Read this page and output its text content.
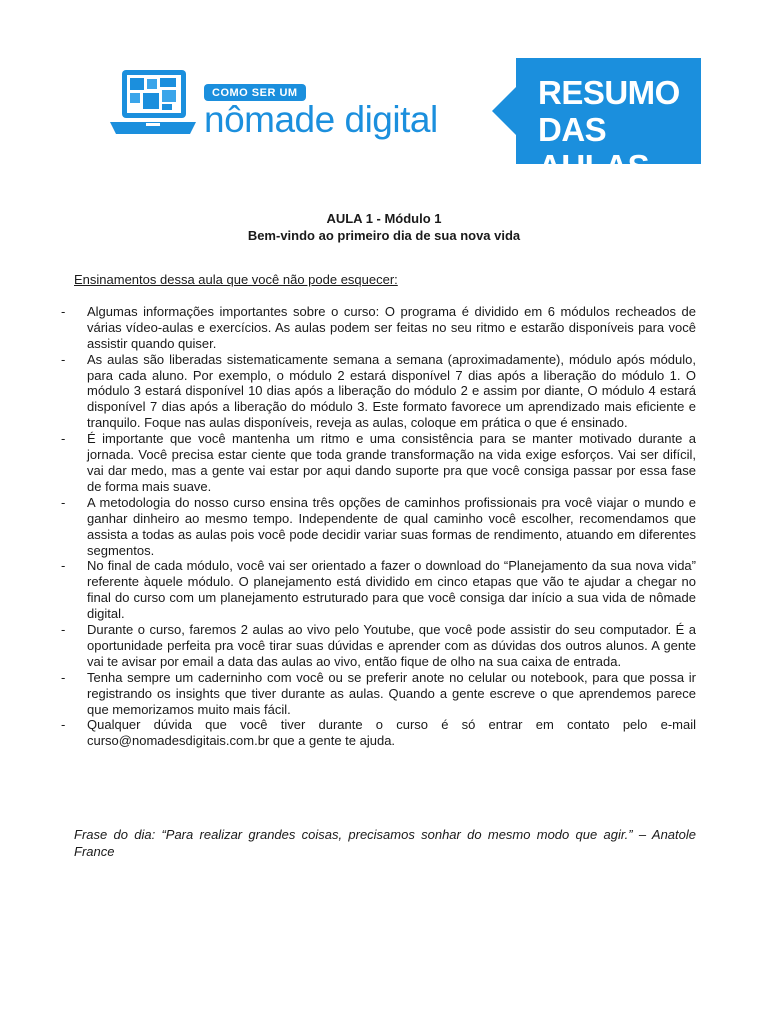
COMO SER UM
nômade digital
RESUMO
DAS AULAS
AULA 1 - Módulo 1
Bem-vindo ao primeiro dia de sua nova vida

Ensinamentos dessa aula que você não pode esquecer:

- Algumas informações importantes sobre o curso: O programa é dividido em 6 módulos recheados de várias vídeo-aulas e exercícios. As aulas podem ser feitas no seu ritmo e estarão disponíveis para você assistir quando quiser.
- As aulas são liberadas sistematicamente semana a semana (aproximadamente), módulo após módulo, para cada aluno. Por exemplo, o módulo 2 estará disponível 7 dias após a liberação do módulo 1. O módulo 3 estará disponível 10 dias após a liberação do módulo 2 e assim por diante, O módulo 4 estará disponível 7 dias após a liberação do módulo 3. Este formato favorece um aprendizado mais eficiente e tranquilo. Foque nas aulas disponíveis, reveja as aulas, coloque em prática o que é ensinado.
- É importante que você mantenha um ritmo e uma consistência para se manter motivado durante a jornada. Você precisa estar ciente que toda grande transformação na vida exige esforços. Vai ser difícil, vai dar medo, mas a gente vai estar por aqui dando suporte pra que você consiga passar por essa fase de forma mais suave.
- A metodologia do nosso curso ensina três opções de caminhos profissionais pra você viajar o mundo e ganhar dinheiro ao mesmo tempo. Independente de qual caminho você escolher, recomendamos que assista a todas as aulas pois você pode decidir variar suas formas de rendimento, atuando em diferentes segmentos.
- No final de cada módulo, você vai ser orientado a fazer o download do “Planejamento da sua nova vida” referente àquele módulo. O planejamento está dividido em cinco etapas que vão te ajudar a chegar no final do curso com um planejamento estruturado para que você consiga dar início a sua vida de nômade digital.
- Durante o curso, faremos 2 aulas ao vivo pelo Youtube, que você pode assistir do seu computador. É a oportunidade perfeita pra você tirar suas dúvidas e aprender com as dúvidas dos outros alunos. A gente vai te avisar por email a data das aulas ao vivo, então fique de olho na sua caixa de entrada.
- Tenha sempre um caderninho com você ou se preferir anote no celular ou notebook, para que possa ir registrando os insights que tiver durante as aulas. Quando a gente escreve o que aprendemos parece que memorizamos muito mais fácil.
- Qualquer dúvida que você tiver durante o curso é só entrar em contato pelo e-mail curso@nomadesdigitais.com.br que a gente te ajuda.
Frase do dia: “Para realizar grandes coisas, precisamos sonhar do mesmo modo que agir.” – Anatole France
